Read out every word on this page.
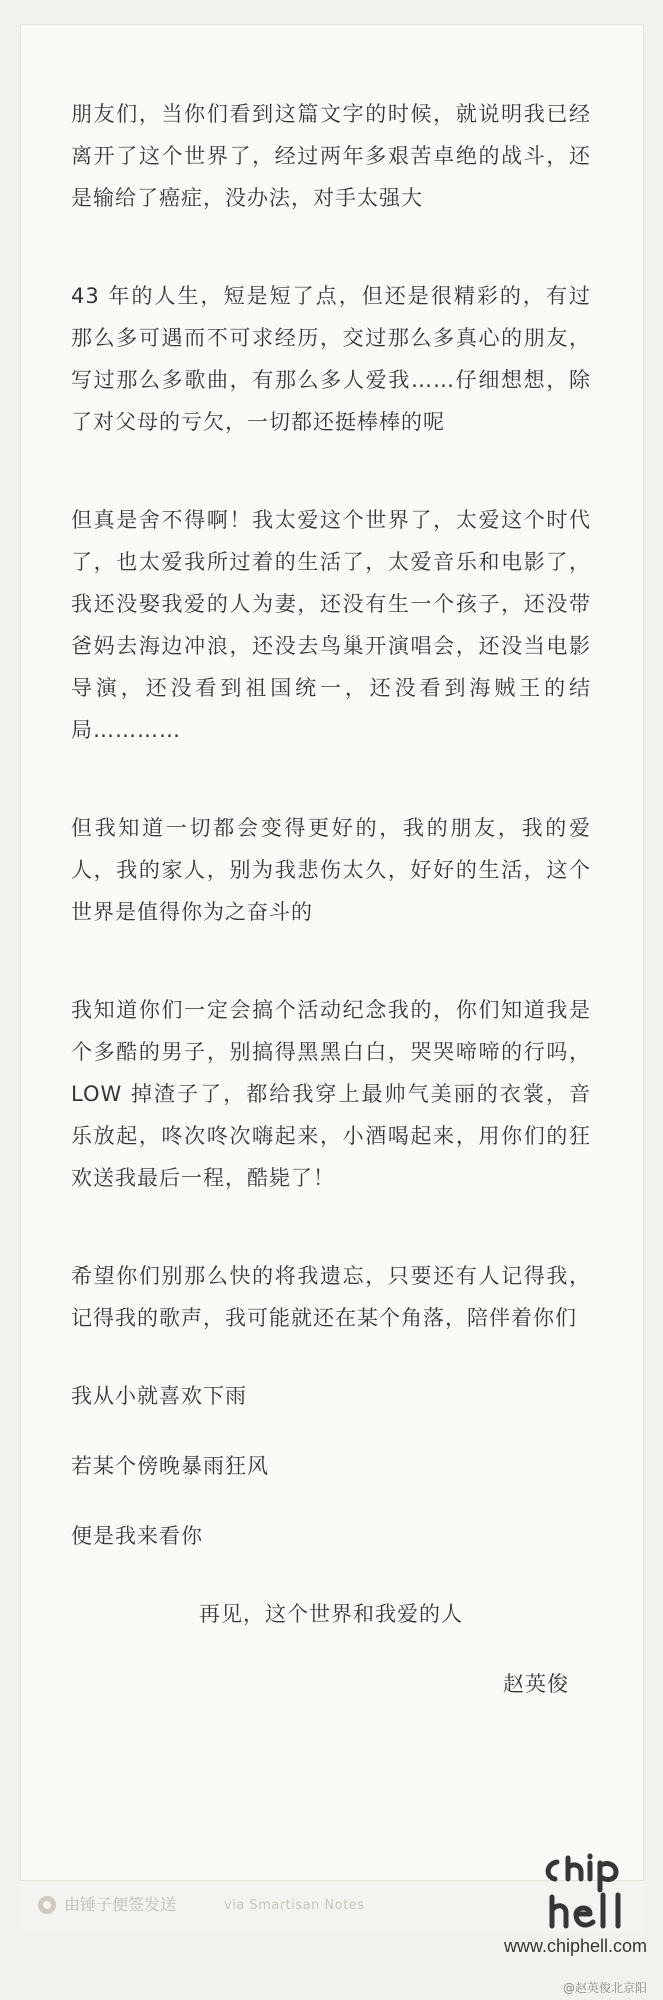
朋友们，当你们看到这篇文字的时候，就说明我已经离开了这个世界了，经过两年多艰苦卓绝的战斗，还是输给了癌症，没办法，对手太强大

43 年的人生，短是短了点，但还是很精彩的，有过那么多可遇而不可求经历，交过那么多真心的朋友，写过那么多歌曲，有那么多人爱我……仔细想想，除了对父母的亏欠，一切都还挺棒棒的呢

但真是舍不得啊！我太爱这个世界了，太爱这个时代了，也太爱我所过着的生活了，太爱音乐和电影了，我还没娶我爱的人为妻，还没有生一个孩子，还没带爸妈去海边冲浪，还没去鸟巢开演唱会，还没当电影导演，还没看到祖国统一，还没看到海贼王的结局…………

但我知道一切都会变得更好的，我的朋友，我的爱人，我的家人，别为我悲伤太久，好好的生活，这个世界是值得你为之奋斗的

我知道你们一定会搞个活动纪念我的，你们知道我是个多酷的男子，别搞得黑黑白白，哭哭啼啼的行吗，LOW 掉渣子了，都给我穿上最帅气美丽的衣裳，音乐放起，咚次咚次嗨起来，小酒喝起来，用你们的狂欢送我最后一程，酷毙了！

希望你们别那么快的将我遗忘，只要还有人记得我，记得我的歌声，我可能就还在某个角落，陪伴着你们

我从小就喜欢下雨

若某个傍晚暴雨狂风

便是我来看你

再见，这个世界和我爱的人

赵英俊

由锤子便签发送	via Smartisan Notes
www.chiphell.com
@赵英俊北京阳
